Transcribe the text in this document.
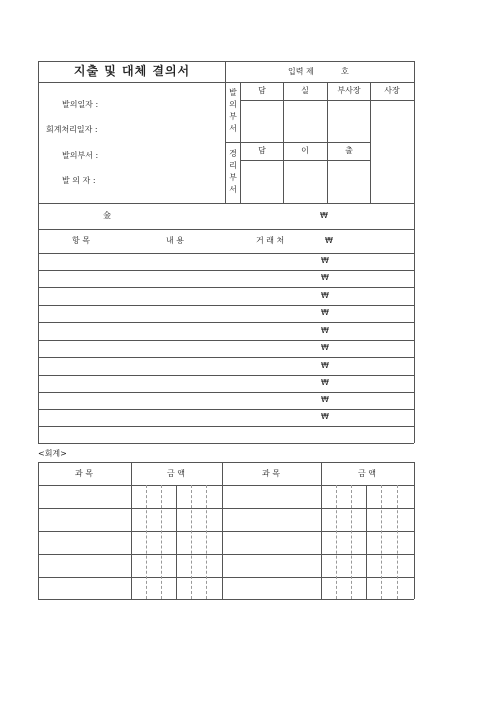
지출 및 대체 결의서	입력 제	호
발의일자 :
회계처리일자 :
발의부서 :
발 의 자 :
발의부서
담	실	부사장	사장
경리부서
담	이	출
金	₩
항 목	내 용	거 래 처	₩
₩
₩
₩
₩
₩
₩
₩
₩
₩
₩
<회계>
과 목	금 액	과 목	금 액
